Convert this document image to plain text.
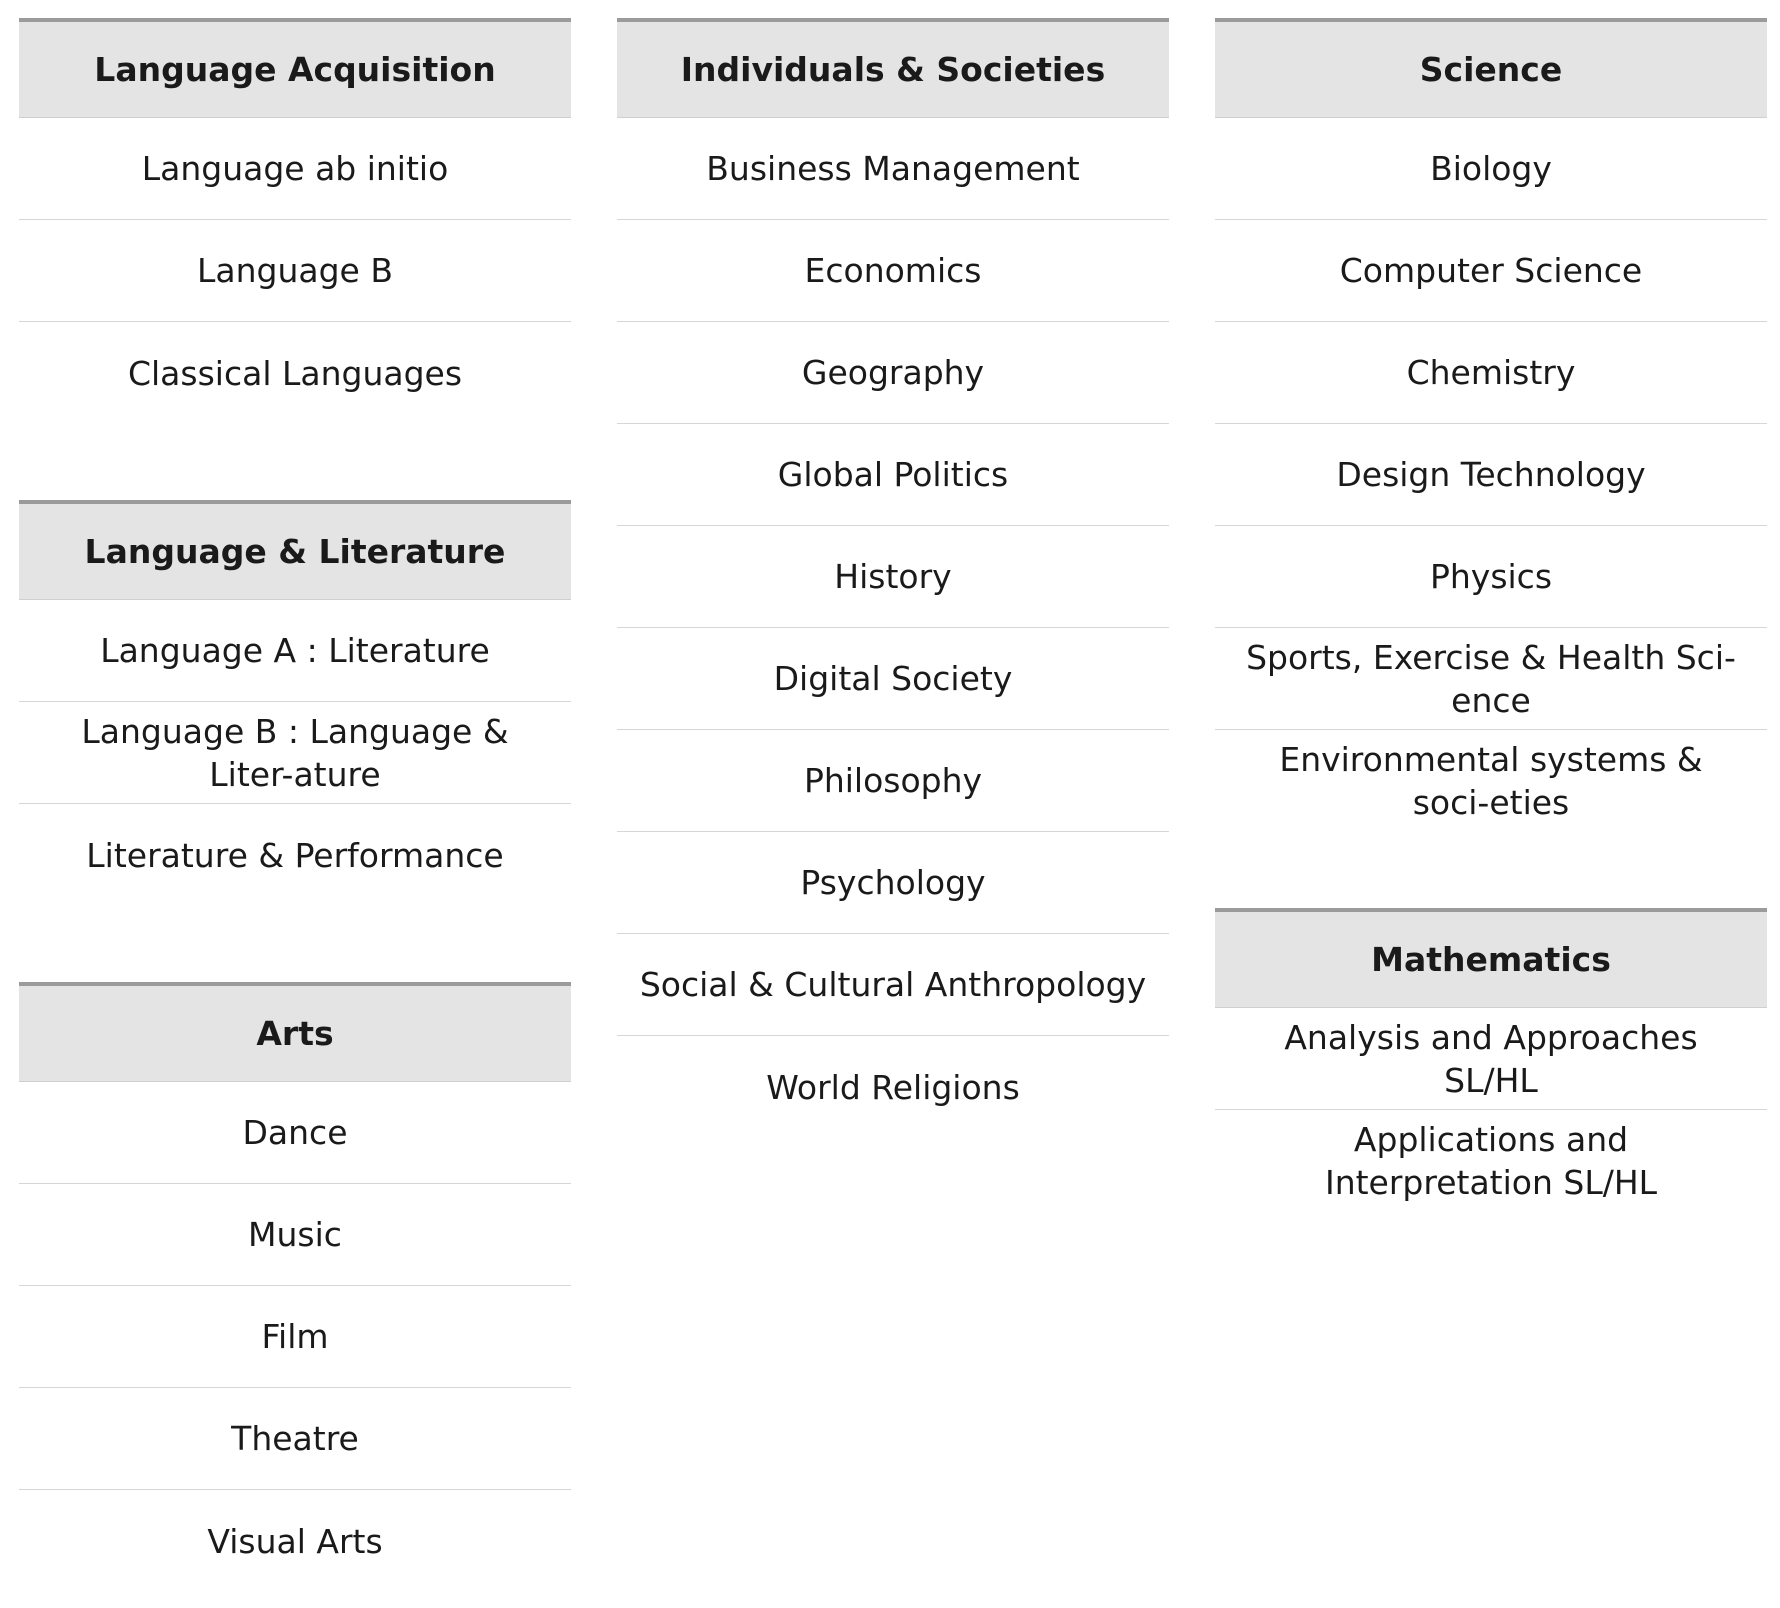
Language Acquisition
Language ab initio
Language B
Classical Languages
Language & Literature
Language A : Literature
Language B : Language & Liter-ature
Literature & Performance
Arts
Dance
Music
Film
Theatre
Visual Arts
Individuals & Societies
Business Management
Economics
Geography
Global Politics
History
Digital Society
Philosophy
Psychology
Social & Cultural Anthropology
World Religions
Science
Biology
Computer Science
Chemistry
Design Technology
Physics
Sports, Exercise & Health Sci-ence
Environmental systems & soci-eties
Mathematics
Analysis and Approaches SL/HL
Applications and Interpretation SL/HL
